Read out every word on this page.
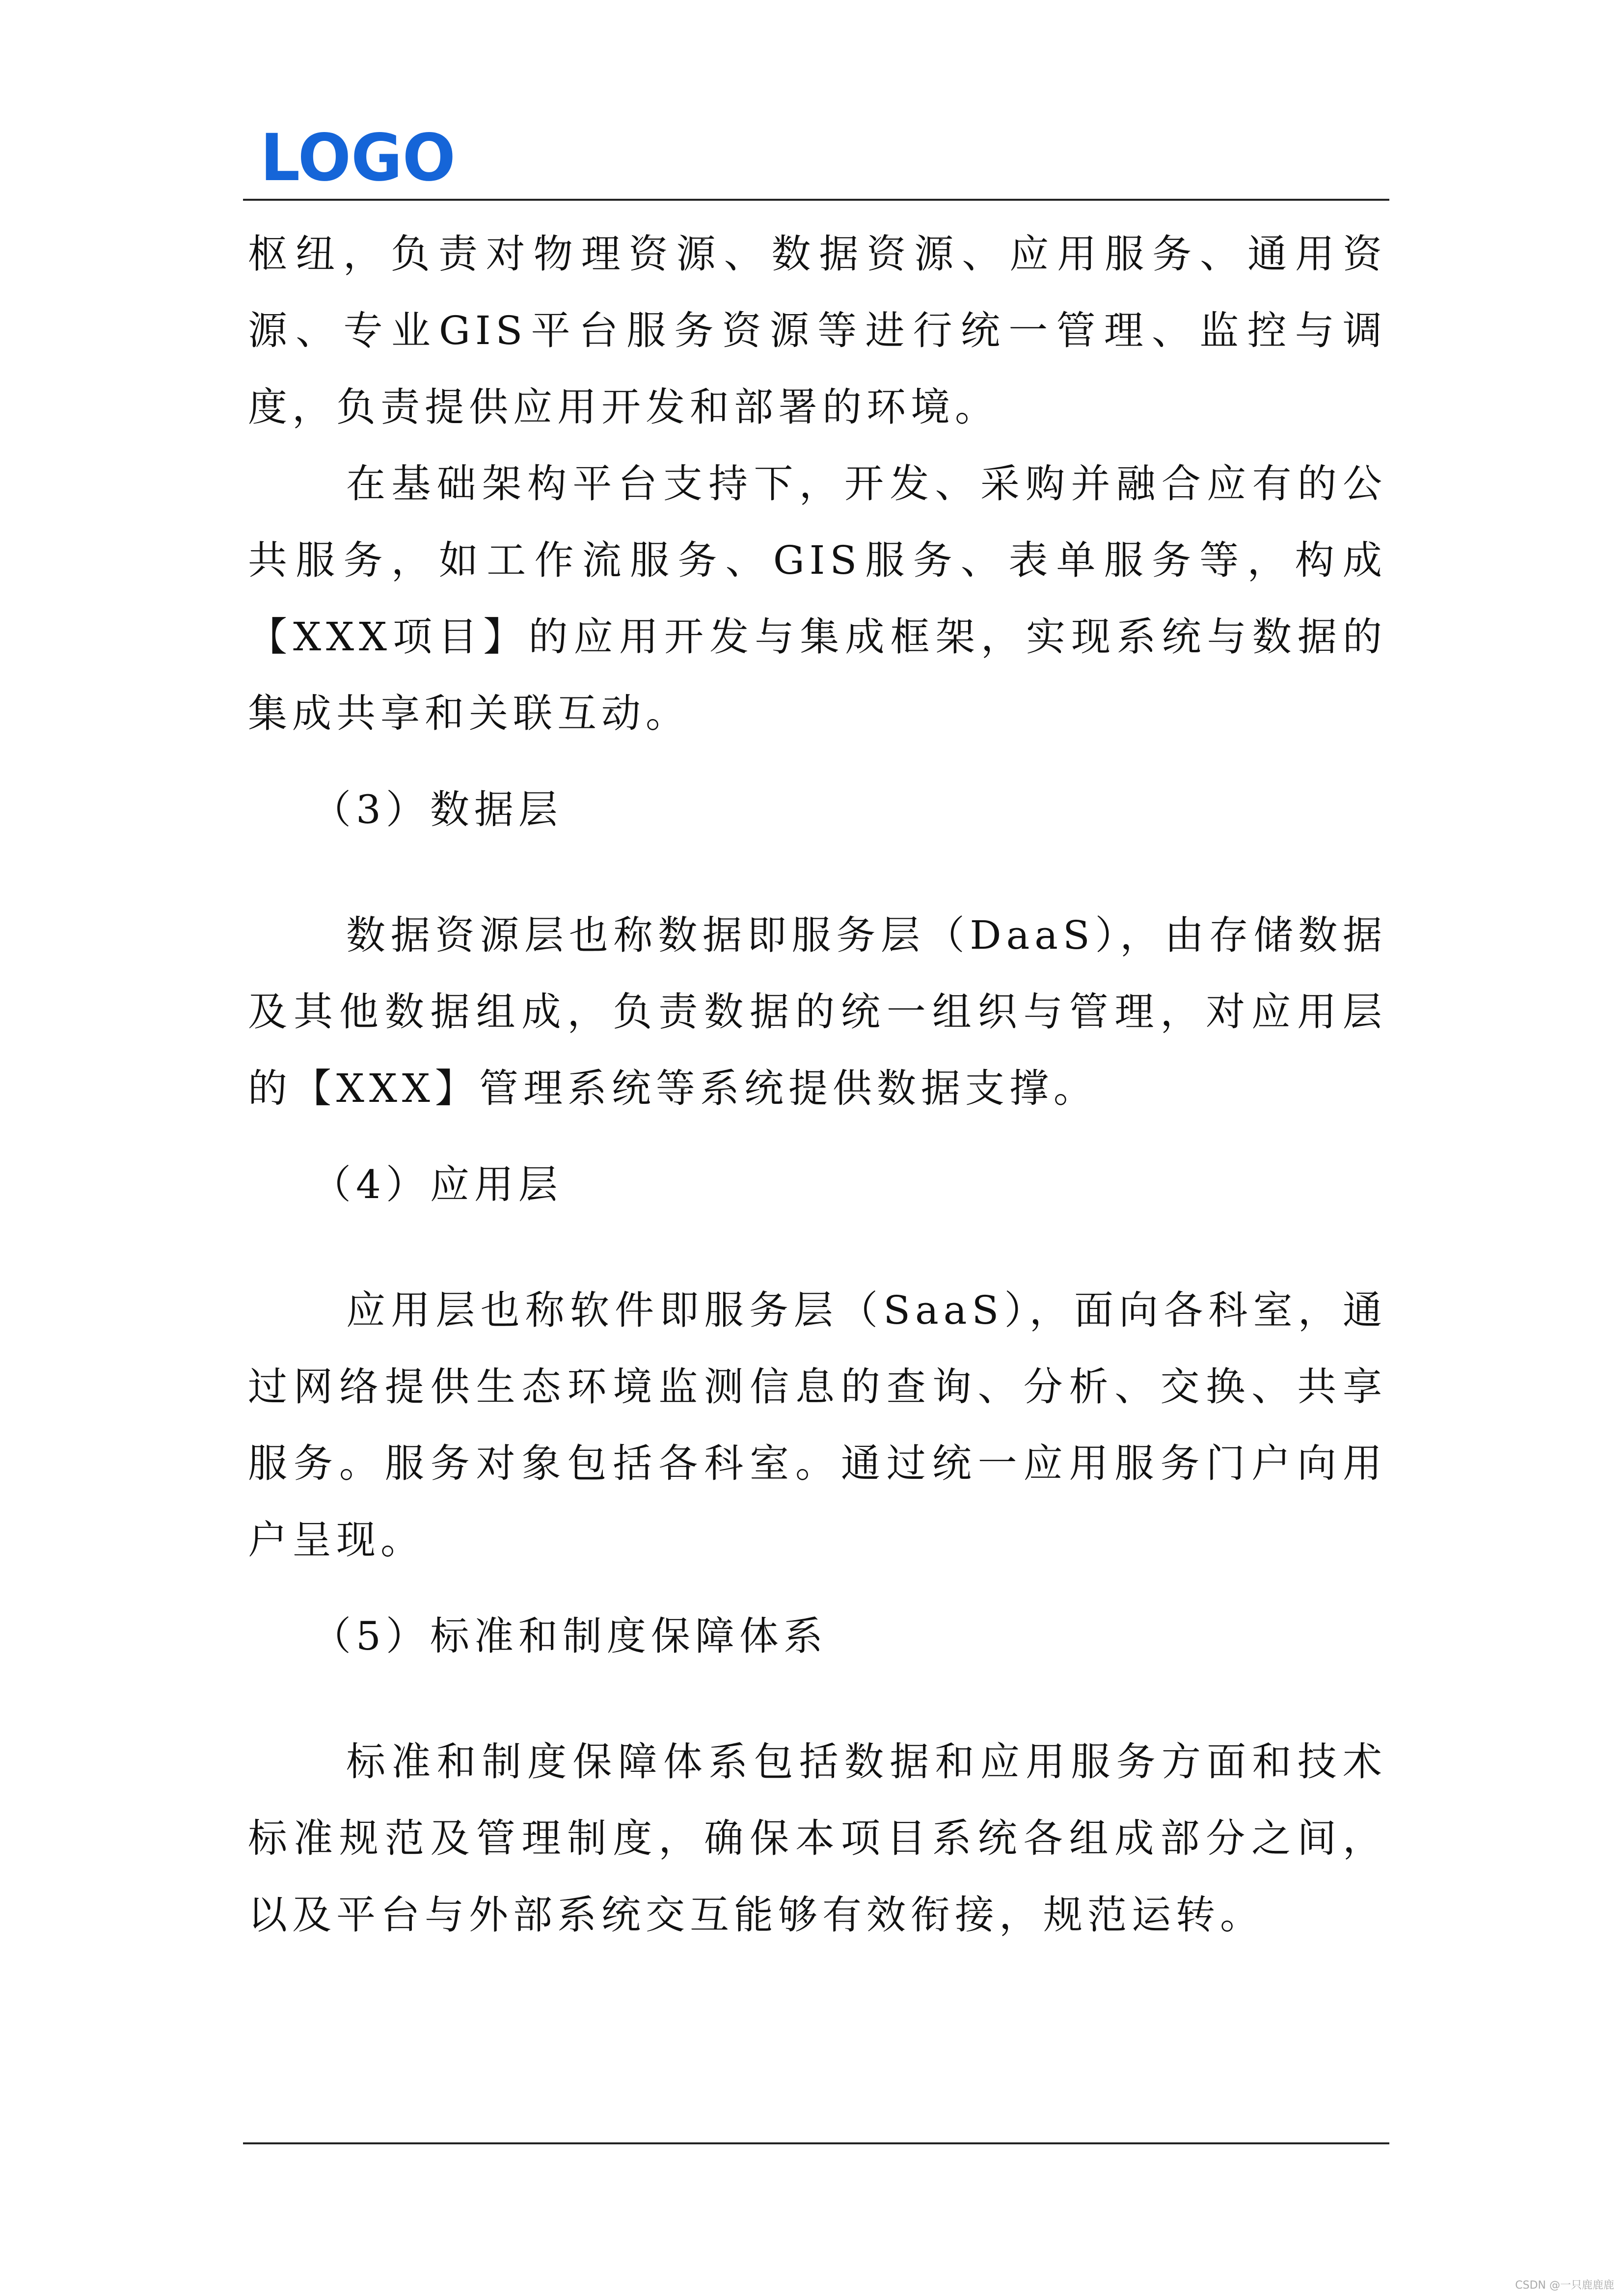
LOGO

枢纽，负责对物理资源、数据资源、应用服务、通用资源、专业GIS平台服务资源等进行统一管理、监控与调度，负责提供应用开发和部署的环境。

在基础架构平台支持下，开发、采购并融合应有的公共服务，如工作流服务、GIS服务、表单服务等，构成【XXX项目】的应用开发与集成框架，实现系统与数据的集成共享和关联互动。

（3）数据层

数据资源层也称数据即服务层（DaaS），由存储数据及其他数据组成，负责数据的统一组织与管理，对应用层的【XXX】管理系统等系统提供数据支撑。

（4）应用层

应用层也称软件即服务层（SaaS），面向各科室，通过网络提供生态环境监测信息的查询、分析、交换、共享服务。服务对象包括各科室。通过统一应用服务门户向用户呈现。

（5）标准和制度保障体系

标准和制度保障体系包括数据和应用服务方面和技术标准规范及管理制度，确保本项目系统各组成部分之间，以及平台与外部系统交互能够有效衔接，规范运转。

CSDN @一只鹿鹿鹿
